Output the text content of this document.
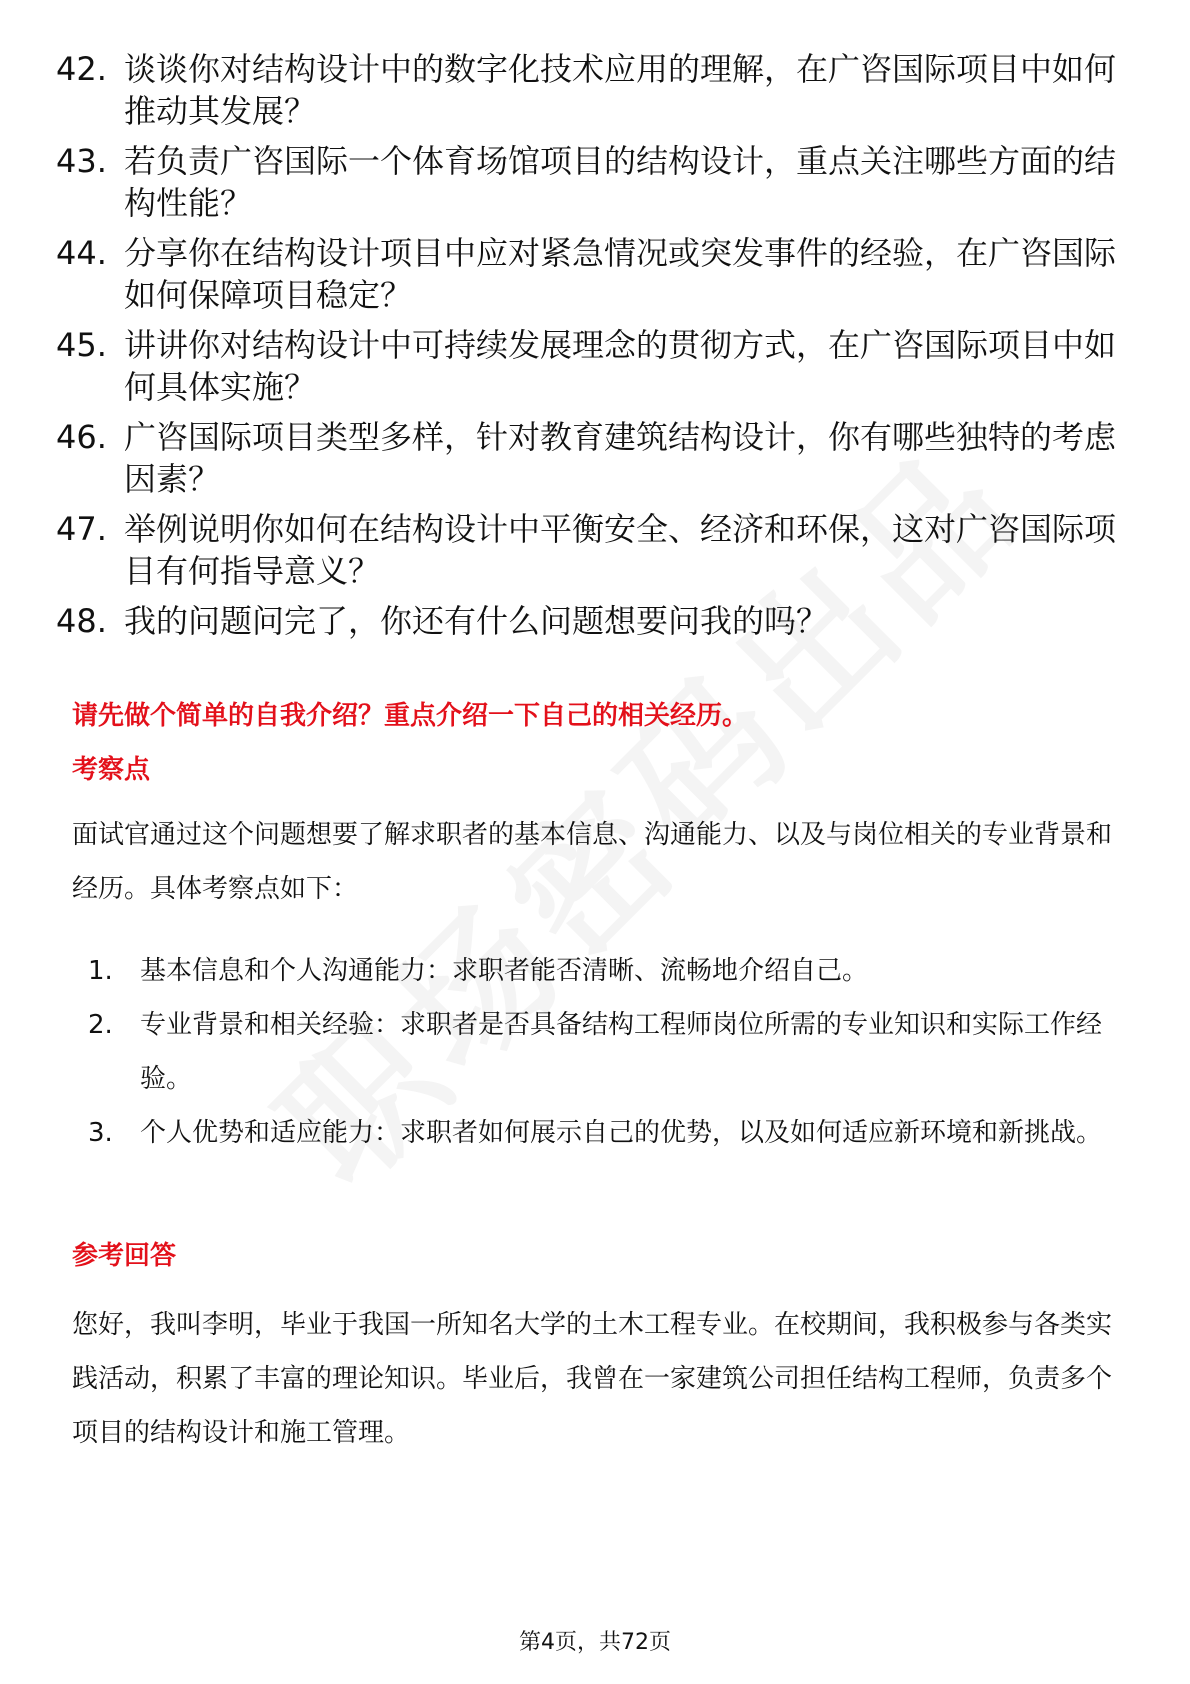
42. 谈谈你对结构设计中的数字化技术应用的理解，在广咨国际项目中如何推动其发展？
43. 若负责广咨国际一个体育场馆项目的结构设计，重点关注哪些方面的结构性能？
44. 分享你在结构设计项目中应对紧急情况或突发事件的经验，在广咨国际如何保障项目稳定？
45. 讲讲你对结构设计中可持续发展理念的贯彻方式，在广咨国际项目中如何具体实施？
46. 广咨国际项目类型多样，针对教育建筑结构设计，你有哪些独特的考虑因素？
47. 举例说明你如何在结构设计中平衡安全、经济和环保，这对广咨国际项目有何指导意义？
48. 我的问题问完了，你还有什么问题想要问我的吗？
请先做个简单的自我介绍？重点介绍一下自己的相关经历。
考察点
面试官通过这个问题想要了解求职者的基本信息、沟通能力、以及与岗位相关的专业背景和经历。具体考察点如下：
1.	基本信息和个人沟通能力：求职者能否清晰、流畅地介绍自己。
2.	专业背景和相关经验：求职者是否具备结构工程师岗位所需的专业知识和实际工作经验。
3.	个人优势和适应能力：求职者如何展示自己的优势，以及如何适应新环境和新挑战。
参考回答
您好，我叫李明，毕业于我国一所知名大学的土木工程专业。在校期间，我积极参与各类实践活动，积累了丰富的理论知识。毕业后，我曾在一家建筑公司担任结构工程师，负责多个项目的结构设计和施工管理。
第4页，共72页
